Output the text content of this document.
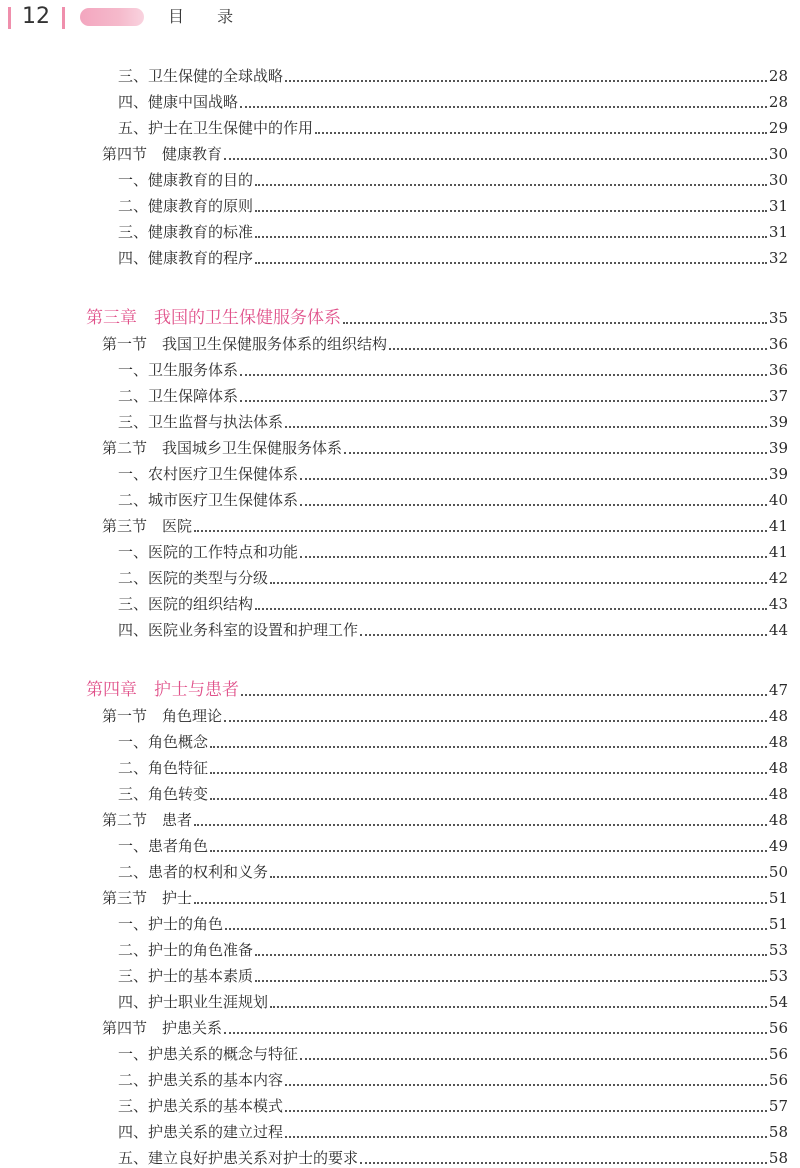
12	目 录
三、卫生保健的全球战略	28
四、健康中国战略	28
五、护士在卫生保健中的作用	29
第四节　健康教育	30
一、健康教育的目的	30
二、健康教育的原则	31
三、健康教育的标准	31
四、健康教育的程序	32
第三章　我国的卫生保健服务体系	35
第一节　我国卫生保健服务体系的组织结构	36
一、卫生服务体系	36
二、卫生保障体系	37
三、卫生监督与执法体系	39
第二节　我国城乡卫生保健服务体系	39
一、农村医疗卫生保健体系	39
二、城市医疗卫生保健体系	40
第三节　医院	41
一、医院的工作特点和功能	41
二、医院的类型与分级	42
三、医院的组织结构	43
四、医院业务科室的设置和护理工作	44
第四章　护士与患者	47
第一节　角色理论	48
一、角色概念	48
二、角色特征	48
三、角色转变	48
第二节　患者	48
一、患者角色	49
二、患者的权利和义务	50
第三节　护士	51
一、护士的角色	51
二、护士的角色准备	53
三、护士的基本素质	53
四、护士职业生涯规划	54
第四节　护患关系	56
一、护患关系的概念与特征	56
二、护患关系的基本内容	56
三、护患关系的基本模式	57
四、护患关系的建立过程	58
五、建立良好护患关系对护士的要求	58
